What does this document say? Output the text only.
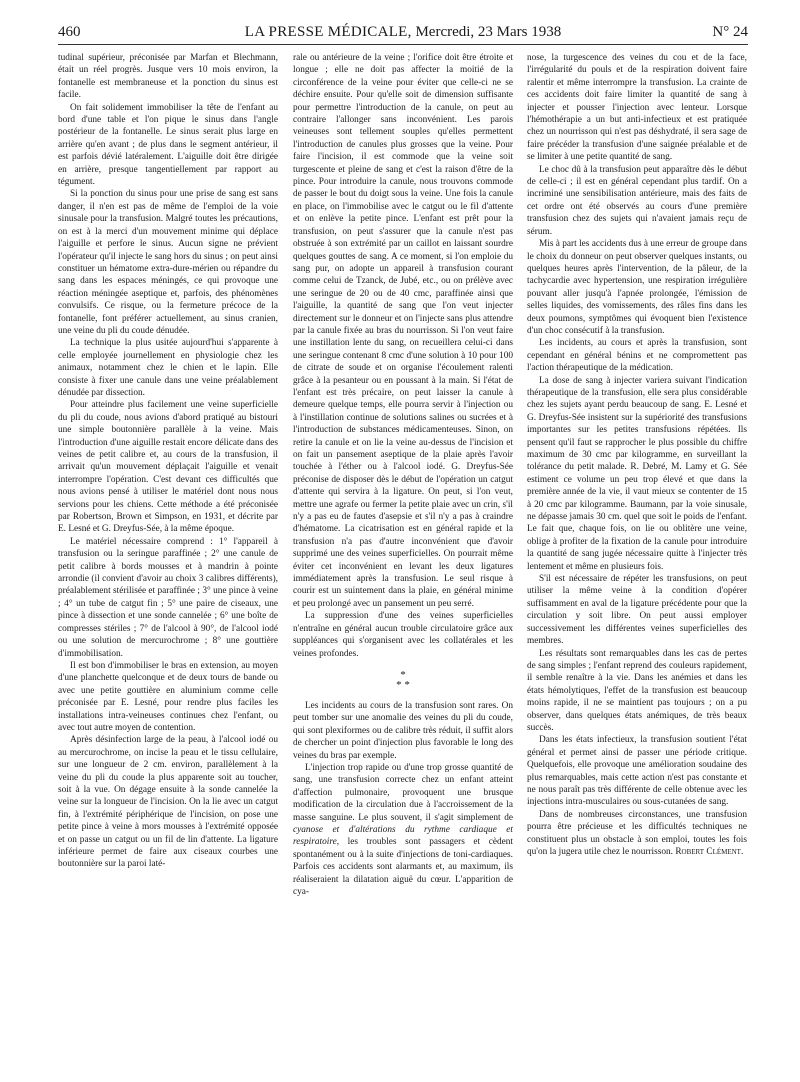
460	LA PRESSE MÉDICALE, Mercredi, 23 Mars 1938	N° 24

tudinal supérieur, préconisée par Marfan et Blechmann, était un réel progrès. Jusque vers 10 mois environ, la fontanelle est membraneuse et la ponction du sinus est facile.

On fait solidement immobiliser la tête de l'enfant au bord d'une table et l'on pique le sinus dans l'angle postérieur de la fontanelle. Le sinus serait plus large en arrière qu'en avant ; de plus dans le segment antérieur, il est parfois dévié latéralement. L'aiguille doit être dirigée en arrière, presque tangentiellement par rapport au tégument.

Si la ponction du sinus pour une prise de sang est sans danger, il n'en est pas de même de l'emploi de la voie sinusale pour la transfusion. Malgré toutes les précautions, on est à la merci d'un mouvement minime qui déplace l'aiguille et perfore le sinus. Aucun signe ne prévient l'opérateur qu'il injecte le sang hors du sinus ; on peut ainsi constituer un hématome extra-dure-mérien ou répandre du sang dans les espaces méningés, ce qui provoque une réaction méningée aseptique et, parfois, des phénomènes convulsifs. Ce risque, ou la fermeture précoce de la fontanelle, font préférer actuellement, au sinus cranien, une veine du pli du coude dénudée.

La technique la plus usitée aujourd'hui s'apparente à celle employée journellement en physiologie chez les animaux, notamment chez le chien et le lapin. Elle consiste à fixer une canule dans une veine préalablement dénudée par dissection.

Pour atteindre plus facilement une veine superficielle du pli du coude, nous avions d'abord pratiqué au bistouri une simple boutonnière parallèle à la veine. Mais l'introduction d'une aiguille restait encore délicate dans des veines de petit calibre et, au cours de la transfusion, il arrivait qu'un mouvement déplaçait l'aiguille et venait interrompre l'opération. C'est devant ces difficultés que nous avions pensé à utiliser le matériel dont nous nous servions pour les chiens. Cette méthode a été préconisée par Robertson, Brown et Simpson, en 1931, et décrite par E. Lesné et G. Dreyfus-Sée, à la même époque.

Le matériel nécessaire comprend : 1° l'appareil à transfusion ou la seringue paraffinée ; 2° une canule de petit calibre à bords mousses et à mandrin à pointe arrondie (il convient d'avoir au choix 3 calibres différents), préalablement stérilisée et paraffinée ; 3° une pince à veine ; 4° un tube de catgut fin ; 5° une paire de ciseaux, une pince à dissection et une sonde cannelée ; 6° une boîte de compresses stériles ; 7° de l'alcool à 90°, de l'alcool iodé ou une solution de mercurochrome ; 8° une gouttière d'immobilisation.

Il est bon d'immobiliser le bras en extension, au moyen d'une planchette quelconque et de deux tours de bande ou avec une petite gouttière en aluminium comme celle préconisée par E. Lesné, pour rendre plus faciles les installations intra-veineuses continues chez l'enfant, ou avec tout autre moyen de contention.

Après désinfection large de la peau, à l'alcool iodé ou au mercurochrome, on incise la peau et le tissu cellulaire, sur une longueur de 2 cm. environ, parallèlement à la veine du pli du coude la plus apparente soit au toucher, soit à la vue. On dégage ensuite à la sonde cannelée la veine sur la longueur de l'incision. On la lie avec un catgut fin, à l'extrémité périphérique de l'incision, on pose une petite pince à veine à mors mousses à l'extrémité opposée et on passe un catgut ou un fil de lin d'attente. La ligature inférieure permet de faire aux ciseaux courbes une boutonnière sur la paroi laté-

rale ou antérieure de la veine ; l'orifice doit être étroite et longue ; elle ne doit pas affecter la moitié de la circonférence de la veine pour éviter que celle-ci ne se déchire ensuite. Pour qu'elle soit de dimension suffisante pour permettre l'introduction de la canule, on peut au contraire l'allonger sans inconvénient. Les parois veineuses sont tellement souples qu'elles permettent l'introduction de canules plus grosses que la veine. Pour faire l'incision, il est commode que la veine soit turgescente et pleine de sang et c'est la raison d'être de la pince. Pour introduire la canule, nous trouvons commode de passer le bout du doigt sous la veine. Une fois la canule en place, on l'immobilise avec le catgut ou le fil d'attente et on enlève la petite pince. L'enfant est prêt pour la transfusion, on peut s'assurer que la canule n'est pas obstruée à son extrémité par un caillot en laissant sourdre quelques gouttes de sang. A ce moment, si l'on emploie du sang pur, on adopte un appareil à transfusion courant comme celui de Tzanck, de Jubé, etc., ou on prélève avec une seringue de 20 ou de 40 cmc, paraffinée ainsi que l'aiguille, la quantité de sang que l'on veut injecter directement sur le donneur et on l'injecte sans plus attendre par la canule fixée au bras du nourrisson. Si l'on veut faire une instillation lente du sang, on recueillera celui-ci dans une seringue contenant 8 cmc d'une solution à 10 pour 100 de citrate de soude et on organise l'écoulement ralenti grâce à la pesanteur ou en poussant à la main. Si l'état de l'enfant est très précaire, on peut laisser la canule à demeure quelque temps, elle pourra servir à l'injection ou à l'instillation continue de solutions salines ou sucrées et à l'introduction de substances médicamenteuses. Sinon, on retire la canule et on lie la veine au-dessus de l'incision et on fait un pansement aseptique de la plaie après l'avoir touchée à l'éther ou à l'alcool iodé. G. Dreyfus-Sée préconise de disposer dès le début de l'opération un catgut d'attente qui servira à la ligature. On peut, si l'on veut, mettre une agrafe ou fermer la petite plaie avec un crin, s'il n'y a pas eu de fautes d'asepsie et s'il n'y a pas à craindre d'hématome. La cicatrisation est en général rapide et la transfusion n'a pas d'autre inconvénient que d'avoir supprimé une des veines superficielles. On pourrait même éviter cet inconvénient en levant les deux ligatures immédiatement après la transfusion. Le seul risque à courir est un suintement dans la plaie, en général minime et peu prolongé avec un pansement un peu serré.

La suppression d'une des veines superficielles n'entraîne en général aucun trouble circulatoire grâce aux suppléances qui s'organisent avec les collatérales et les veines profondes.

*
* *

Les incidents au cours de la transfusion sont rares. On peut tomber sur une anomalie des veines du pli du coude, qui sont plexiformes ou de calibre très réduit, il suffit alors de chercher un point d'injection plus favorable le long des veines du bras par exemple.

L'injection trop rapide ou d'une trop grosse quantité de sang, une transfusion correcte chez un enfant atteint d'affection pulmonaire, provoquent une brusque modification de la circulation due à l'accroissement de la masse sanguine. Le plus souvent, il s'agit simplement de cyanose et d'altérations du rythme cardiaque et respiratoire, les troubles sont passagers et cèdent spontanément ou à la suite d'injections de toni-cardiaques. Parfois ces accidents sont alarmants et, au maximum, ils réaliseraient la dilatation aiguë du cœur. L'apparition de cya-

nose, la turgescence des veines du cou et de la face, l'irrégularité du pouls et de la respiration doivent faire ralentir et même interrompre la transfusion. La crainte de ces accidents doit faire limiter la quantité de sang à injecter et pousser l'injection avec lenteur. Lorsque l'hémothérapie a un but anti-infectieux et est pratiquée chez un nourrisson qui n'est pas déshydraté, il sera sage de faire précéder la transfusion d'une saignée préalable et de se limiter à une petite quantité de sang.

Le choc dû à la transfusion peut apparaître dès le début de celle-ci ; il est en général cependant plus tardif. On a incriminé une sensibilisation antérieure, mais des faits de cet ordre ont été observés au cours d'une première transfusion chez des sujets qui n'avaient jamais reçu de sérum.

Mis à part les accidents dus à une erreur de groupe dans le choix du donneur on peut observer quelques instants, ou quelques heures après l'intervention, de la pâleur, de la tachycardie avec hypertension, une respiration irrégulière pouvant aller jusqu'à l'apnée prolongée, l'émission de selles liquides, des vomissements, des râles fins dans les deux poumons, symptômes qui évoquent bien l'existence d'un choc consécutif à la transfusion.

Les incidents, au cours et après la transfusion, sont cependant en général bénins et ne compromettent pas l'action thérapeutique de la médication.

La dose de sang à injecter variera suivant l'indication thérapeutique de la transfusion, elle sera plus considérable chez les sujets ayant perdu beaucoup de sang. E. Lesné et G. Dreyfus-Sée insistent sur la supériorité des transfusions importantes sur les petites transfusions répétées. Ils pensent qu'il faut se rapprocher le plus possible du chiffre maximum de 30 cmc par kilogramme, en surveillant la tolérance du petit malade. R. Debré, M. Lamy et G. Sée estiment ce volume un peu trop élevé et que dans la première année de la vie, il vaut mieux se contenter de 15 à 20 cmc par kilogramme. Baumann, par la voie sinusale, ne dépasse jamais 30 cm. quel que soit le poids de l'enfant. Le fait que, chaque fois, on lie ou oblitère une veine, oblige à profiter de la fixation de la canule pour introduire la quantité de sang jugée nécessaire quitte à l'injecter très lentement et même en plusieurs fois.

S'il est nécessaire de répéter les transfusions, on peut utiliser la même veine à la condition d'opérer suffisamment en aval de la ligature précédente pour que la circulation y soit libre. On peut aussi employer successivement les différentes veines superficielles des membres.

Les résultats sont remarquables dans les cas de pertes de sang simples ; l'enfant reprend des couleurs rapidement, il semble renaître à la vie. Dans les anémies et dans les états hémolytiques, l'effet de la transfusion est beaucoup moins rapide, il ne se maintient pas toujours ; on a pu observer, dans quelques états anémiques, de très beaux succès.

Dans les états infectieux, la transfusion soutient l'état général et permet ainsi de passer une période critique. Quelquefois, elle provoque une amélioration soudaine des plus remarquables, mais cette action n'est pas constante et ne nous paraît pas très différente de celle obtenue avec les injections intra-musculaires ou sous-cutanées de sang.

Dans de nombreuses circonstances, une transfusion pourra être précieuse et les difficultés techniques ne constituent plus un obstacle à son emploi, toutes les fois qu'on la jugera utile chez le nourrisson. Robert Clément.
